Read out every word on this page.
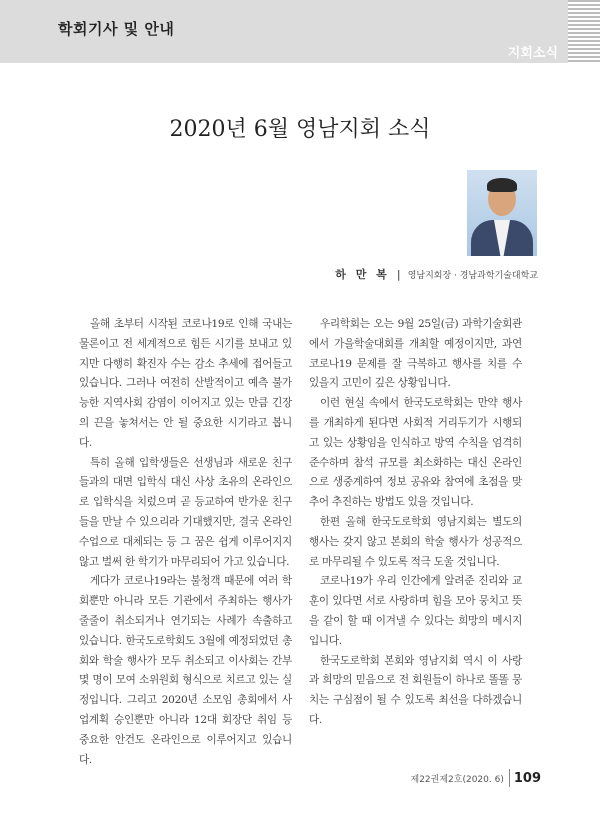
학회기사 및 안내
지회소식
2020년 6월 영남지회 소식
하 만 복 | 영남지회장 · 경남과학기술대학교

올해 초부터 시작된 코로나19로 인해 국내는 물론이고 전 세계적으로 힘든 시기를 보내고 있지만 다행히 확진자 수는 감소 추세에 접어들고 있습니다. 그러나 여전히 산발적이고 예측 불가능한 지역사회 감염이 이어지고 있는 만큼 긴장의 끈을 놓쳐서는 안 될 중요한 시기라고 봅니다.

특히 올해 입학생들은 선생님과 새로운 친구들과의 대면 입학식 대신 사상 초유의 온라인으로 입학식을 치렀으며 곧 등교하여 반가운 친구들을 만날 수 있으리라 기대했지만, 결국 온라인 수업으로 대체되는 등 그 꿈은 쉽게 이루어지지 않고 벌써 한 학기가 마무리되어 가고 있습니다.

게다가 코로나19라는 불청객 때문에 여러 학회뿐만 아니라 모든 기관에서 주최하는 행사가 줄줄이 취소되거나 연기되는 사례가 속출하고 있습니다. 한국도로학회도 3월에 예정되었던 총회와 학술 행사가 모두 취소되고 이사회는 간부 몇 명이 모여 소위원회 형식으로 치르고 있는 실정입니다. 그리고 2020년 소모임 총회에서 사업계획 승인뿐만 아니라 12대 회장단 취임 등 중요한 안건도 온라인으로 이루어지고 있습니다.

우리학회는 오는 9월 25일(금) 과학기술회관에서 가을학술대회를 개최할 예정이지만, 과연 코로나19 문제를 잘 극복하고 행사를 치를 수 있을지 고민이 깊은 상황입니다.

이런 현실 속에서 한국도로학회는 만약 행사를 개최하게 된다면 사회적 거리두기가 시행되고 있는 상황임을 인식하고 방역 수칙을 엄격히 준수하며 참석 규모를 최소화하는 대신 온라인으로 생중계하여 정보 공유와 참여에 초점을 맞추어 추진하는 방법도 있을 것입니다.

한편 올해 한국도로학회 영남지회는 별도의 행사는 갖지 않고 본회의 학술 행사가 성공적으로 마무리될 수 있도록 적극 도울 것입니다.

코로나19가 우리 인간에게 알려준 진리와 교훈이 있다면 서로 사랑하며 힘을 모아 뭉치고 뜻을 같이 할 때 이겨낼 수 있다는 희망의 메시지입니다.

한국도로학회 본회와 영남지회 역시 이 사랑과 희망의 믿음으로 전 회원들이 하나로 똘똘 뭉치는 구심점이 될 수 있도록 최선을 다하겠습니다.

제22권제2호(2020. 6) 109
